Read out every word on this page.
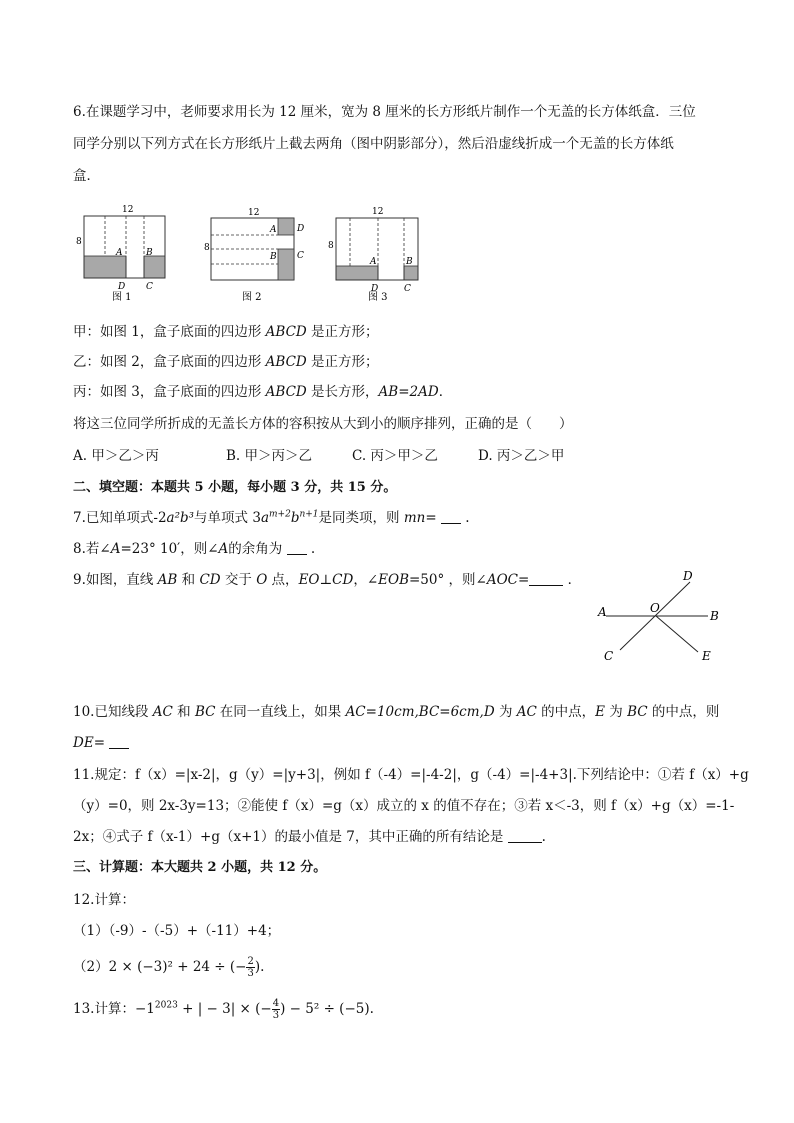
6.在课题学习中，老师要求用长为 12 厘米，宽为 8 厘米的长方形纸片制作一个无盖的长方体纸盒．三位
同学分别以下列方式在长方形纸片上截去两角（图中阴影部分），然后沿虚线折成一个无盖的长方体纸
盒．
12
8
A	B
D C
图 1
12
8
A D
B C
图 2
12
8
A	B
D	C
图 3
甲：如图 1，盒子底面的四边形 ABCD 是正方形；
乙：如图 2，盒子底面的四边形 ABCD 是正方形；
丙：如图 3，盒子底面的四边形 ABCD 是长方形，AB=2AD．
将这三位同学所折成的无盖长方体的容积按从大到小的顺序排列，正确的是（　　）
A. 甲＞乙＞丙	B. 甲＞丙＞乙	C. 丙＞甲＞乙	D. 丙＞乙＞甲
二、填空题：本题共 5 小题，每小题 3 分，共 15 分。
7.已知单项式-2a²b³与单项式 $3a^{m+2}b^{n+1}$是同类项，则 mn=  .
8.若∠A=23° 10′，则∠A的余角为  .
9.如图，直线 AB 和 CD 交于 O 点，EO⊥CD，∠EOB=50° ，则∠AOC=	．
A	B
C
D
E
O
10.已知线段 AC 和 BC 在同一直线上，如果 AC=10cm,BC=6cm,D 为 AC 的中点，E 为 BC 的中点，则
DE=
11.规定：f（x）=|x-2|，g（y）=|y+3|，例如 f（-4）=|-4-2|，g（-4）=|-4+3|.下列结论中：①若 f（x）+g
（y）=0，则 2x-3y=13；②能使 f（x）=g（x）成立的 x 的值不存在；③若 x＜-3，则 f（x）+g（x）=-1-
2x；④式子 f（x-1）+g（x+1）的最小值是 7，其中正确的所有结论是	.
三、计算题：本大题共 2 小题，共 12 分。
12.计算：
（1）（-9）-（-5）+（-11）+4；
（2）2 × (−3)² + 24 ÷ (− $\frac{2}{3}$ ).
13.计算：$-1^{2023}$ + | − 3| × (− $\frac{4}{3}$ ) − 5² ÷ (−5).
